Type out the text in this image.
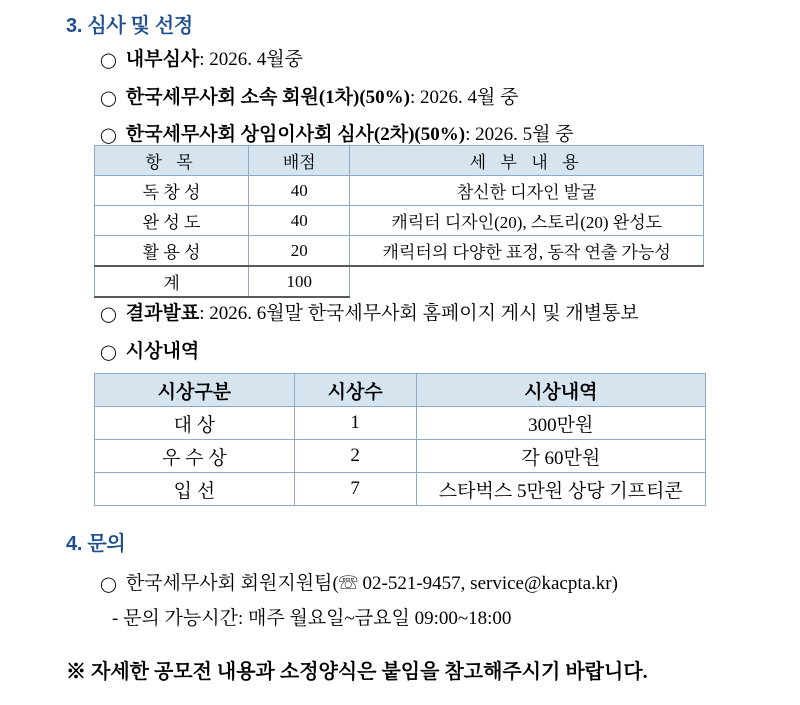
3. 심사 및 선정
◯ 내부심사: 2026. 4월중
◯ 한국세무사회 소속 회원(1차)(50%): 2026. 4월 중
◯ 한국세무사회 상임이사회 심사(2차)(50%): 2026. 5월 중
항 목	배점	세 부 내 용
독 창 성	40	참신한 디자인 발굴
완 성 도	40	캐릭터 디자인(20), 스토리(20) 완성도
활 용 성	20	캐릭터의 다양한 표정, 동작 연출 가능성
계	100	
◯ 결과발표: 2026. 6월말 한국세무사회 홈페이지 게시 및 개별통보
◯ 시상내역
시상구분	시상수	시상내역
대 상	1	300만원
우 수 상	2	각 60만원
입 선	7	스타벅스 5만원 상당 기프티콘
4. 문의
◯ 한국세무사회 회원지원팀(☏ 02-521-9457, service@kacpta.kr)
- 문의 가능시간: 매주 월요일~금요일 09:00~18:00
※ 자세한 공모전 내용과 소정양식은 붙임을 참고해주시기 바랍니다.
